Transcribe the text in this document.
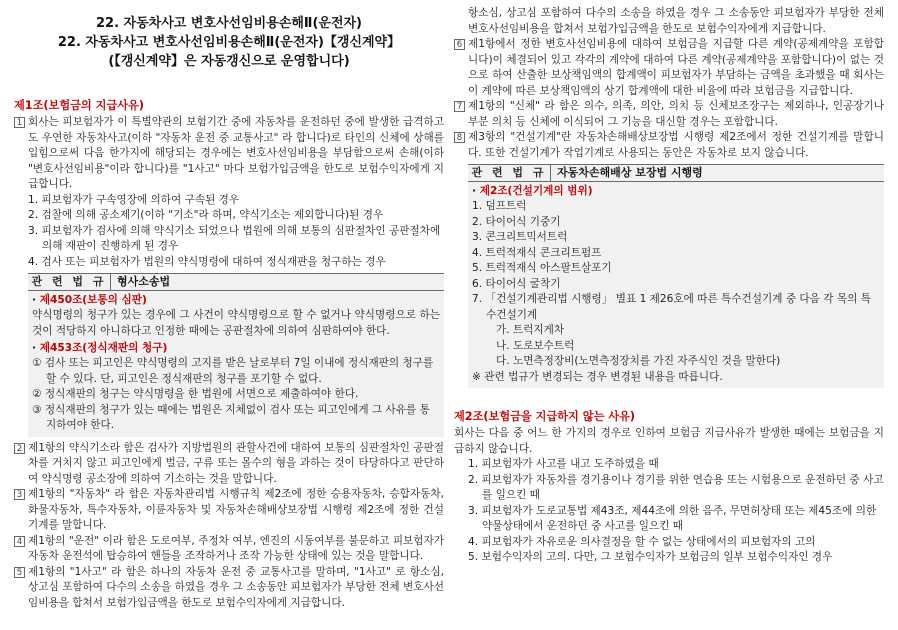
22. 자동차사고 변호사선임비용손해Ⅱ(운전자)
22. 자동차사고 변호사선임비용손해Ⅱ(운전자)【갱신계약】
(【갱신계약】은 자동갱신으로 운영합니다)
제1조(보험금의 지급사유)
1 회사는 피보험자가 이 특별약관의 보험기간 중에 자동차를 운전하던 중에 발생한 급격하고도 우연한 자동차사고(이하 "자동차 운전 중 교통사고" 라 합니다)로 타인의 신체에 상해를 입힘으로써 다음 한가지에 해당되는 경우에는 변호사선임비용을 부담함으로써 손해(이하 "변호사선임비용"이라 합니다)를 "1사고" 마다 보험가입금액을 한도로 보험수익자에게 지급합니다.
1. 피보험자가 구속영장에 의하여 구속된 경우
2. 검찰에 의해 공소제기(이하 "기소"라 하며, 약식기소는 제외합니다)된 경우
3. 피보험자가 검사에 의해 약식기소 되었으나 법원에 의해 보통의 심판절차인 공판절차에 의해 재판이 진행하게 된 경우
4. 검사 또는 피보험자가 법원의 약식명령에 대하여 정식재판을 청구하는 경우
관 련 법 규 형사소송법
· 제450조(보통의 심판)

약식명령의 청구가 있는 경우에 그 사건이 약식명령으로 할 수 없거나 약식명령으로 하는 것이 적당하지 아니하다고 인정한 때에는 공판절차에 의하여 심판하여야 한다.

· 제453조(정식재판의 청구)

① 검사 또는 피고인은 약식명령의 고지를 받은 날로부터 7일 이내에 정식재판의 청구를 할 수 있다. 단, 피고인은 정식재판의 청구를 포기할 수 없다.

② 정식재판의 청구는 약식명령을 한 법원에 서면으로 제출하여야 한다.

③ 정식재판의 청구가 있는 때에는 법원은 지체없이 검사 또는 피고인에게 그 사유를 통지하여야 한다.

2 제1항의 약식기소라 함은 검사가 지방법원의 관할사건에 대하여 보통의 심판절차인 공판절차를 거치지 않고 피고인에게 벌금, 구류 또는 몰수의 형을 과하는 것이 타당하다고 판단하여 약식명령 공소장에 의하여 기소하는 것을 말합니다.
3 제1항의 "자동차" 라 함은 자동차관리법 시행규칙 제2조에 정한 승용자동차, 승합자동차, 화물자동차, 특수자동차, 이륜자동차 및 자동차손해배상보장법 시행령 제2조에 정한 건설기계를 말합니다.
4 제1항의 "운전" 이라 함은 도로여부, 주정차 여부, 엔진의 시동여부를 불문하고 피보험자가 자동차 운전석에 탑승하여 핸들을 조작하거나 조작 가능한 상태에 있는 것을 말합니다.
5 제1항의 "1사고" 라 함은 하나의 자동차 운전 중 교통사고를 말하며, "1사고" 로 항소심, 상고심 포함하여 다수의 소송을 하였을 경우 그 소송동안 피보험자가 부당한 전체 변호사선임비용을 합쳐서 보험가입금액을 한도로 보험수익자에게 지급합니다.
항소심, 상고심 포함하여 다수의 소송을 하였을 경우 그 소송동안 피보험자가 부당한 전체 변호사선임비용을 합쳐서 보험가입금액을 한도로 보험수익자에게 지급합니다.
6 제1항에서 정한 변호사선임비용에 대하여 보험금을 지급할 다른 계약(공제계약을 포함합니다)이 체결되어 있고 각각의 계약에 대하여 다른 계약(공제계약을 포함합니다)이 없는 것으로 하여 산출한 보상책임액의 합계액이 피보험자가 부담하는 금액을 초과했을 때 회사는 이 계약에 따른 보상책임액의 상기 합계액에 대한 비율에 따라 보험금을 지급합니다.
7 제1항의 "신체" 라 함은 의수, 의족, 의안, 의치 등 신체보조장구는 제외하나, 인공장기나 부분 의치 등 신체에 이식되어 그 기능을 대신할 경우는 포함합니다.
8 제3항의 "건설기계"란 자동차손해배상보장법 시행령 제2조에서 정한 건설기계를 말합니다. 또한 건설기계가 작업기계로 사용되는 동안은 자동차로 보지 않습니다.
관 련 법 규 자동차손해배상 보장법 시행령
· 제2조(건설기계의 범위)
1. 덤프트럭
2. 타이어식 기중기
3. 콘크리트믹서트럭
4. 트럭적재식 콘크리트펌프
5. 트럭적재식 아스팔트살포기
6. 타이어식 굴착기
7. 「건설기계관리법 시행령」 별표 1 제26호에 따른 특수건설기계 중 다음 각 목의 특수건설기계
가. 트럭지게차
나. 도로보수트럭
다. 노면측정장비(노면측정장치를 가진 자주식인 것을 말한다)

※ 관련 법규가 변경되는 경우 변경된 내용을 따릅니다.

제2조(보험금을 지급하지 않는 사유)

회사는 다음 중 어느 한 가지의 경우로 인하여 보험금 지급사유가 발생한 때에는 보험금을 지급하지 않습니다.

1. 피보험자가 사고를 내고 도주하였을 때
2. 피보험자가 자동차를 경기용이나 경기를 위한 연습용 또는 시험용으로 운전하던 중 사고를 일으킨 때
3. 피보험자가 도로교통법 제43조, 제44조에 의한 음주, 무면허상태 또는 제45조에 의한 약물상태에서 운전하던 중 사고를 일으킨 때
4. 피보험자가 자유로운 의사결정을 할 수 없는 상태에서의 피보험자의 고의
5. 보험수익자의 고의. 다만, 그 보험수익자가 보험금의 일부 보험수익자인 경우
